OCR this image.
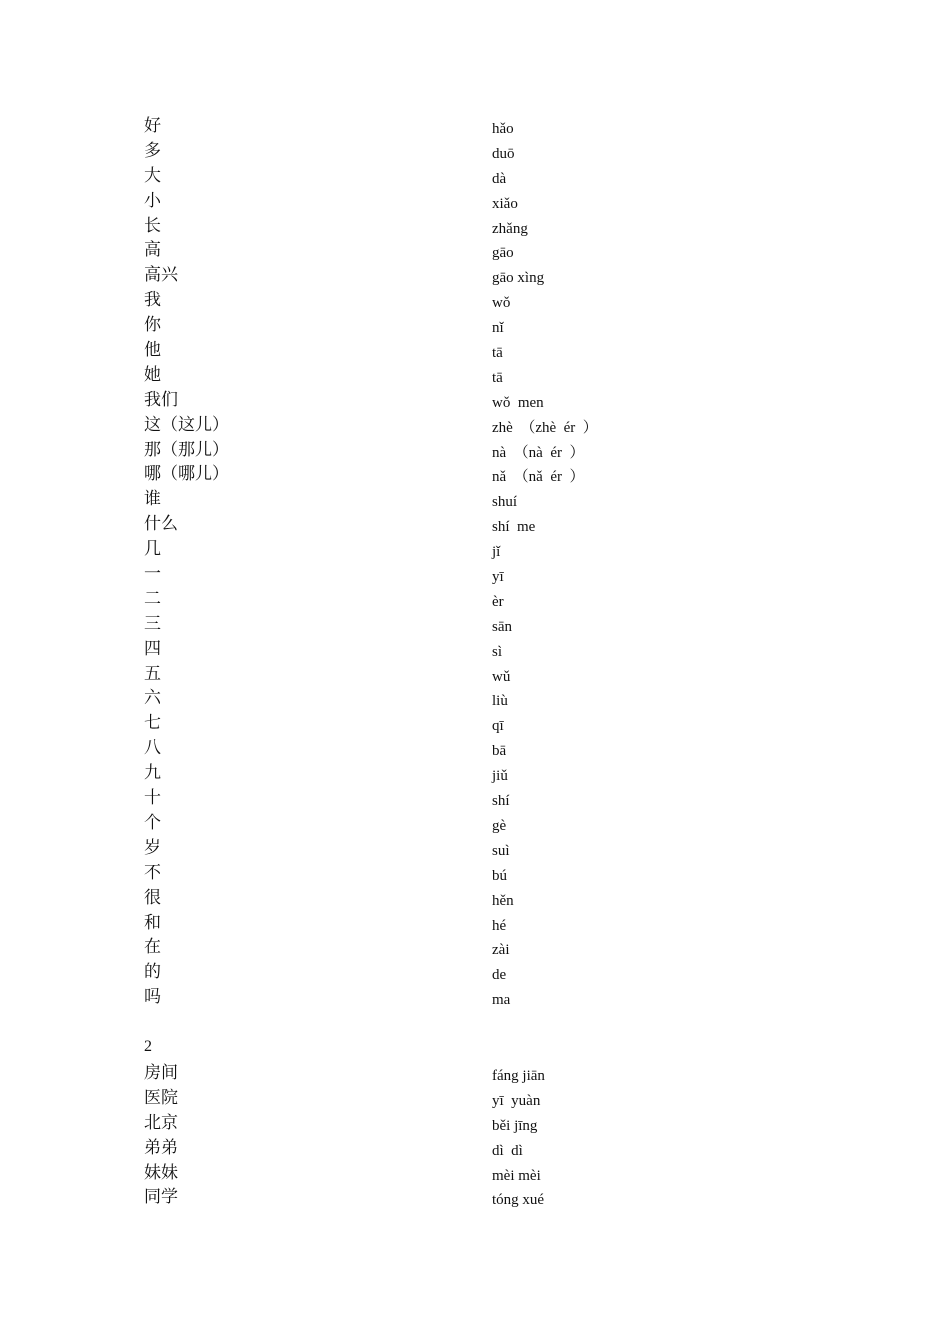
好	hǎo
多	duō
大	dà
小	xiǎo
长	zhǎng
高	gāo
高兴	gāo xìng
我	wǒ
你	nǐ
他	tā
她	tā
我们	wǒ  men
这（这儿）	zhè  （zhè  ér  ）
那（那儿）	nà  （nà  ér  ）
哪（哪儿）	nǎ  （nǎ  ér  ）
谁	shuí
什么	shí  me
几	jǐ
一	yī
二	èr
三	sān
四	sì
五	wǔ
六	liù
七	qī
八	bā
九	jiǔ
十	shí
个	gè
岁	suì
不	bú
很	hěn
和	hé
在	zài
的	de
吗	ma
2
房间	fáng jiān
医院	yī  yuàn
北京	běi jīng
弟弟	dì  dì
妹妹	mèi mèi
同学	tóng xué
